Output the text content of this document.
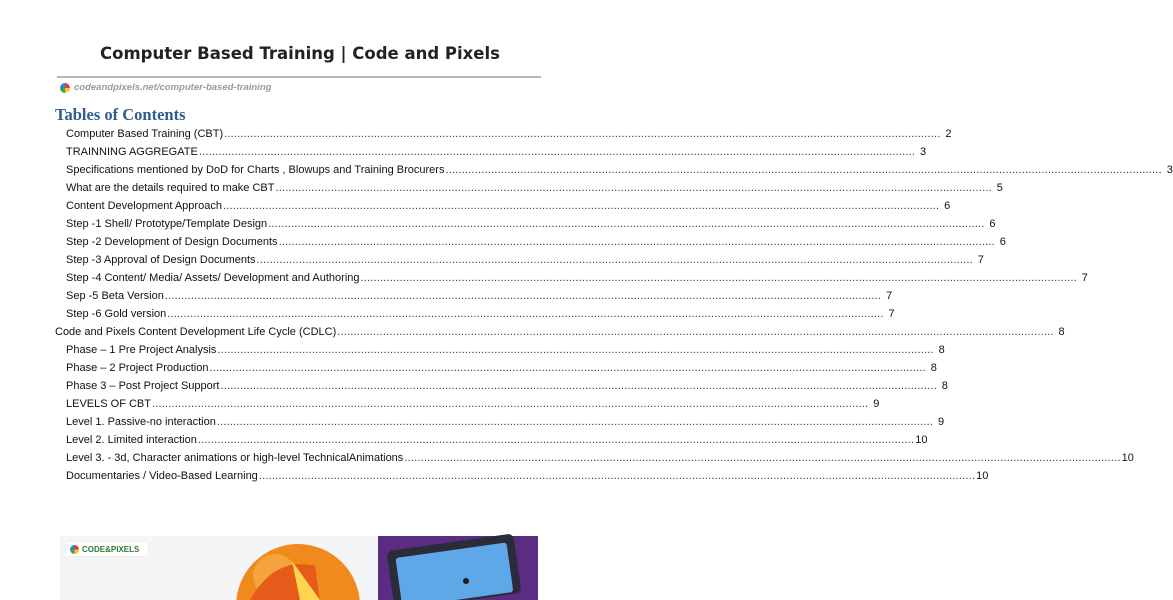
Computer Based Training | Code and Pixels
codeandpixels.net/computer-based-training
Tables of Contents
Computer Based Training (CBT) ............................................................................................................................................................................................................................ 2
TRAINNING AGGREGATE ............................................................................................................................................................................................................................ 3
Specifications mentioned by DoD for Charts , Blowups and Training Brocurers ............................................................................................................................................................................................................................ 3
What are the details required to make CBT ............................................................................................................................................................................................................................ 5
Content Development Approach ............................................................................................................................................................................................................................ 6
Step -1 Shell/ Prototype/Template Design ............................................................................................................................................................................................................................ 6
Step -2 Development of Design Documents ............................................................................................................................................................................................................................ 6
Step -3 Approval of Design Documents ............................................................................................................................................................................................................................ 7
Step -4 Content/ Media/ Assets/ Development and Authoring ............................................................................................................................................................................................................................ 7
Sep -5 Beta Version ............................................................................................................................................................................................................................ 7
Step -6 Gold version ............................................................................................................................................................................................................................ 7
Code and Pixels Content Development Life Cycle (CDLC) ............................................................................................................................................................................................................................ 8
Phase – 1 Pre Project Analysis ............................................................................................................................................................................................................................ 8
Phase – 2 Project Production ............................................................................................................................................................................................................................ 8
Phase 3 – Post Project Support ............................................................................................................................................................................................................................ 8
LEVELS OF CBT ............................................................................................................................................................................................................................ 9
Level 1. Passive-no interaction ............................................................................................................................................................................................................................ 9
Level 2. Limited interaction ............................................................................................................................................................................................................................ 10
Level 3. - 3d, Character animations or high-level TechnicalAnimations ............................................................................................................................................................................................................................ 10
Documentaries / Video-Based Learning ............................................................................................................................................................................................................................ 10
CODE&PIXELS
